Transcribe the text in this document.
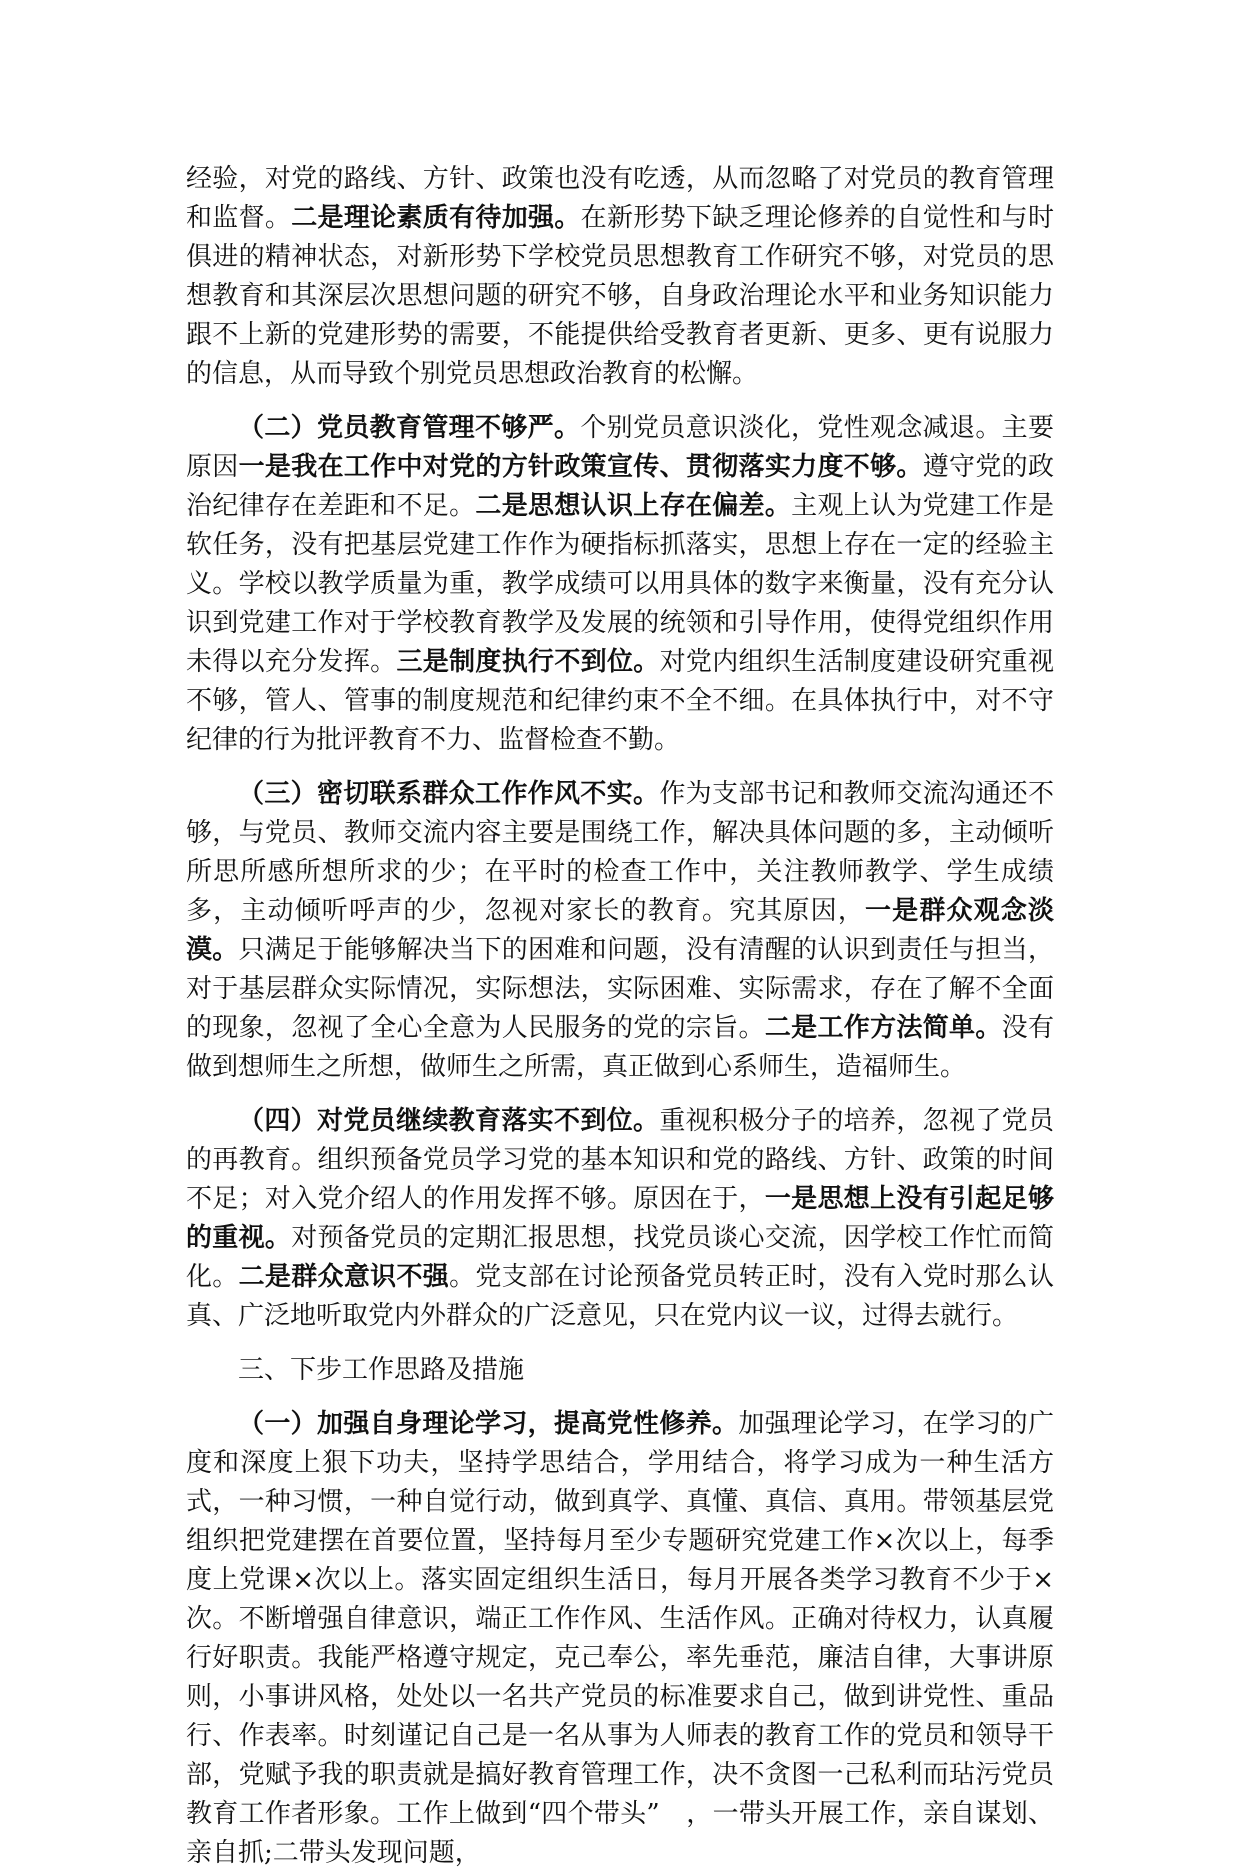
经验，对党的路线、方针、政策也没有吃透，从而忽略了对党员的教育管理和监督。二是理论素质有待加强。在新形势下缺乏理论修养的自觉性和与时俱进的精神状态，对新形势下学校党员思想教育工作研究不够，对党员的思想教育和其深层次思想问题的研究不够，自身政治理论水平和业务知识能力跟不上新的党建形势的需要，不能提供给受教育者更新、更多、更有说服力的信息，从而导致个别党员思想政治教育的松懈。

（二）党员教育管理不够严。个别党员意识淡化，党性观念减退。主要原因一是我在工作中对党的方针政策宣传、贯彻落实力度不够。遵守党的政治纪律存在差距和不足。二是思想认识上存在偏差。主观上认为党建工作是软任务，没有把基层党建工作作为硬指标抓落实，思想上存在一定的经验主义。学校以教学质量为重，教学成绩可以用具体的数字来衡量，没有充分认识到党建工作对于学校教育教学及发展的统领和引导作用，使得党组织作用未得以充分发挥。三是制度执行不到位。对党内组织生活制度建设研究重视不够，管人、管事的制度规范和纪律约束不全不细。在具体执行中，对不守纪律的行为批评教育不力、监督检查不勤。

（三）密切联系群众工作作风不实。作为支部书记和教师交流沟通还不够，与党员、教师交流内容主要是围绕工作，解决具体问题的多，主动倾听所思所感所想所求的少；在平时的检查工作中，关注教师教学、学生成绩多，主动倾听呼声的少，忽视对家长的教育。究其原因，一是群众观念淡漠。只满足于能够解决当下的困难和问题，没有清醒的认识到责任与担当，对于基层群众实际情况，实际想法，实际困难、实际需求，存在了解不全面的现象，忽视了全心全意为人民服务的党的宗旨。二是工作方法简单。没有做到想师生之所想，做师生之所需，真正做到心系师生，造福师生。

（四）对党员继续教育落实不到位。重视积极分子的培养，忽视了党员的再教育。组织预备党员学习党的基本知识和党的路线、方针、政策的时间不足；对入党介绍人的作用发挥不够。原因在于，一是思想上没有引起足够的重视。对预备党员的定期汇报思想，找党员谈心交流，因学校工作忙而简化。二是群众意识不强。党支部在讨论预备党员转正时，没有入党时那么认真、广泛地听取党内外群众的广泛意见，只在党内议一议，过得去就行。

三、下步工作思路及措施

（一）加强自身理论学习，提高党性修养。加强理论学习，在学习的广度和深度上狠下功夫，坚持学思结合，学用结合，将学习成为一种生活方式，一种习惯，一种自觉行动，做到真学、真懂、真信、真用。带领基层党组织把党建摆在首要位置，坚持每月至少专题研究党建工作×次以上，每季度上党课×次以上。落实固定组织生活日，每月开展各类学习教育不少于×次。不断增强自律意识，端正工作作风、生活作风。正确对待权力，认真履行好职责。我能严格遵守规定，克己奉公，率先垂范，廉洁自律，大事讲原则，小事讲风格，处处以一名共产党员的标准要求自己，做到讲党性、重品行、作表率。时刻谨记自己是一名从事为人师表的教育工作的党员和领导干部，党赋予我的职责就是搞好教育管理工作，决不贪图一己私利而玷污党员教育工作者形象。工作上做到“四个带头”　，一带头开展工作，亲自谋划、亲自抓;二带头发现问题，
